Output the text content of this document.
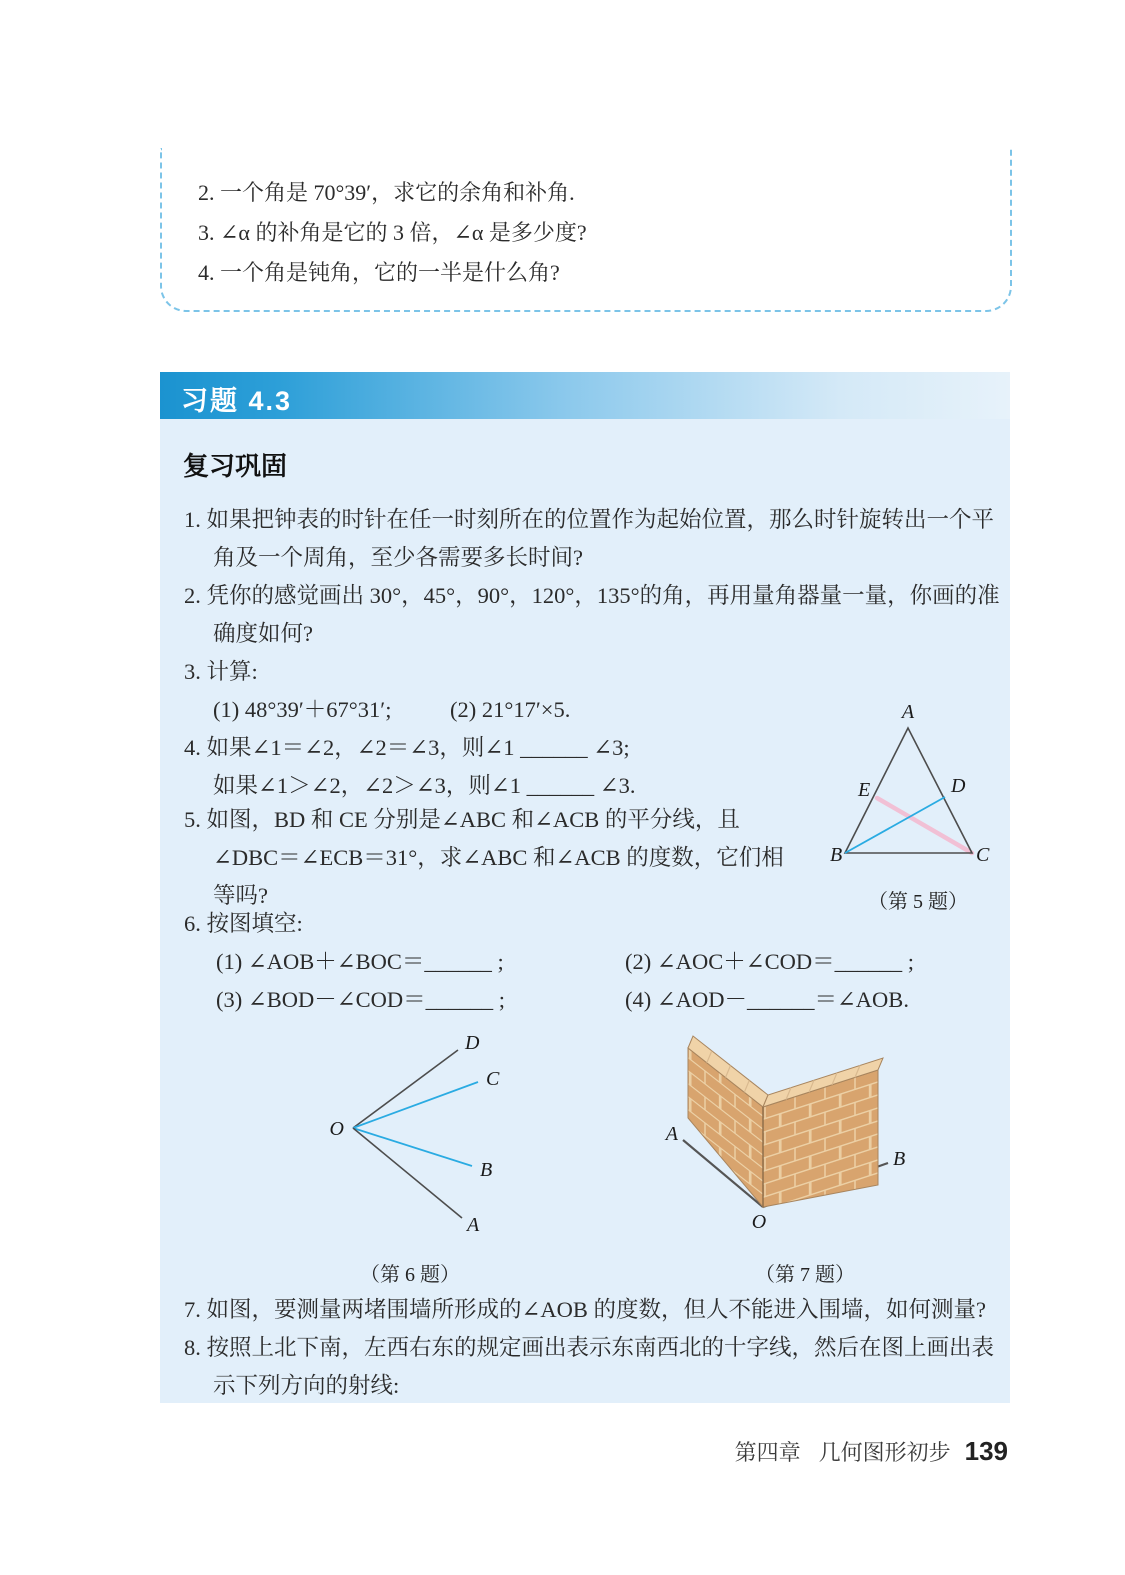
2. 一个角是 70°39′，求它的余角和补角.
3. ∠α 的补角是它的 3 倍，∠α 是多少度?
4. 一个角是钝角，它的一半是什么角?
习题 4.3
复习巩固
1. 如果把钟表的时针在任一时刻所在的位置作为起始位置，那么时针旋转出一个平
角及一个周角，至少各需要多长时间?
2. 凭你的感觉画出 30°，45°，90°，120°，135°的角，再用量角器量一量，你画的准
确度如何?
3. 计算:
(1) 48°39′＋67°31′;	(2) 21°17′×5.
4. 如果∠1＝∠2，∠2＝∠3，则∠1 ______ ∠3;
如果∠1＞∠2，∠2＞∠3，则∠1 ______ ∠3.
5. 如图，BD 和 CE 分别是∠ABC 和∠ACB 的平分线，且
∠DBC＝∠ECB＝31°，求∠ABC 和∠ACB 的度数，它们相
等吗?
6. 按图填空:
(1) ∠AOB＋∠BOC＝______ ;	(2) ∠AOC＋∠COD＝______ ;
(3) ∠BOD－∠COD＝______ ;	(4) ∠AOD－______＝∠AOB.
7. 如图，要测量两堵围墙所形成的∠AOB 的度数，但人不能进入围墙，如何测量?
8. 按照上北下南，左西右东的规定画出表示东南西北的十字线，然后在图上画出表
示下列方向的射线:
A
B	C
E	D
（第 5 题）
O
D
C
B
A
（第 6 题）
A
B
O
（第 7 题）
第四章 几何图形初步 139
